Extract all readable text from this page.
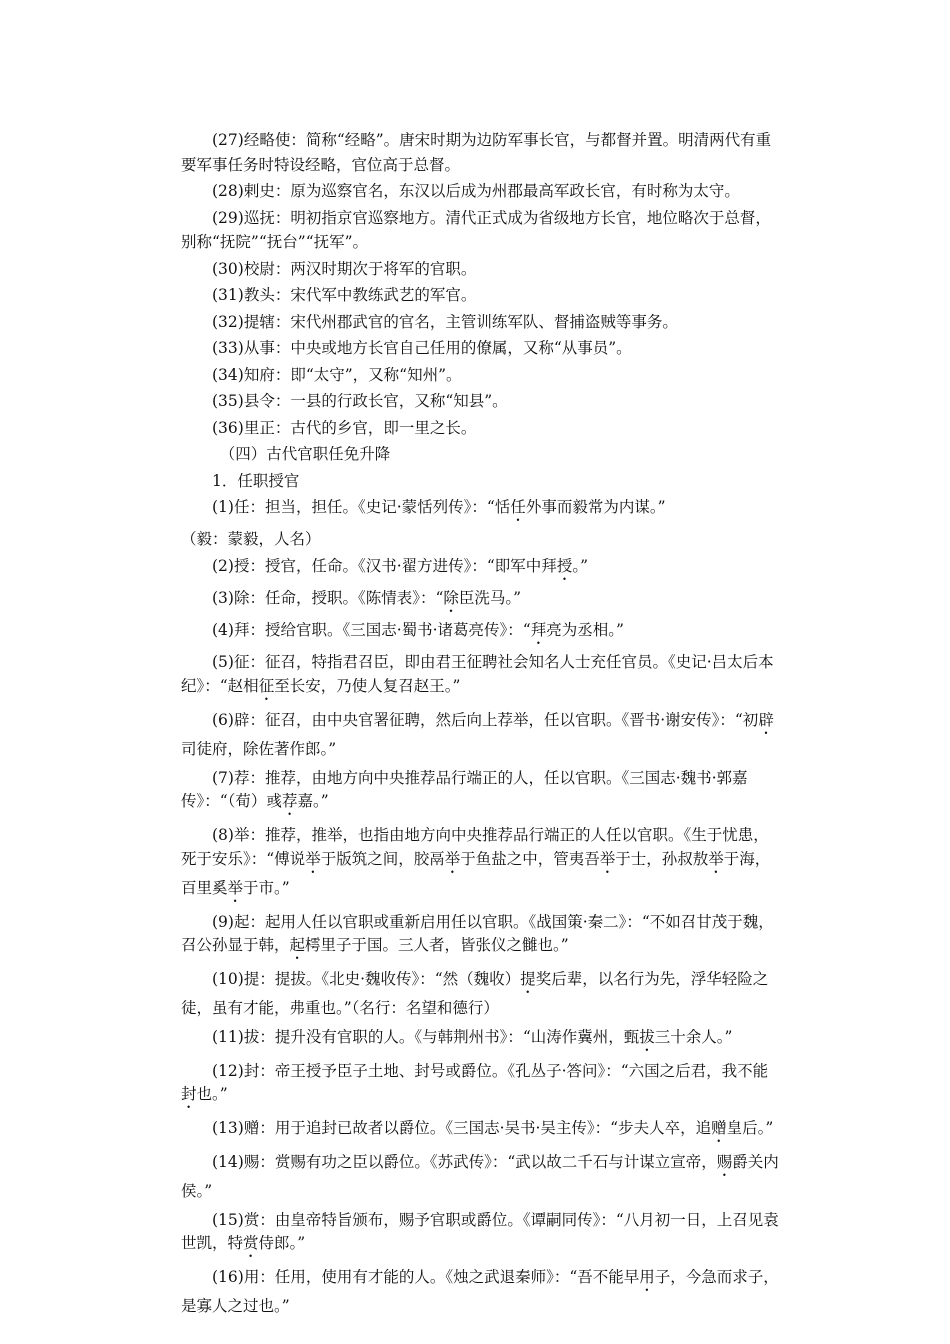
(27)经略使：简称“经略”。唐宋时期为边防军事长官，与都督并置。明清两代有重要军事任务时特设经略，官位高于总督。

(28)剌史：原为巡察官名，东汉以后成为州郡最高军政长官，有时称为太守。

(29)巡抚：明初指京官巡察地方。清代正式成为省级地方长官，地位略次于总督，别称“抚院”“抚台”“抚军”。

(30)校尉：两汉时期次于将军的官职。

(31)教头：宋代军中教练武艺的军官。

(32)提辖：宋代州郡武官的官名，主管训练军队、督捕盗贼等事务。

(33)从事：中央或地方长官自己任用的僚属，又称“从事员”。

(34)知府：即“太守”，又称“知州”。

(35)县令：一县的行政长官，又称“知县”。

(36)里正：古代的乡官，即一里之长。

（四）古代官职任免升降

1．任职授官

(1)任：担当，担任。《史记·蒙恬列传》：“恬任外事而毅常为内谋。”

（毅：蒙毅，人名）

(2)授：授官，任命。《汉书·翟方进传》：“即军中拜授。”

(3)除：任命，授职。《陈情表》：“除臣洗马。”

(4)拜：授给官职。《三国志·蜀书·诸葛亮传》：“拜亮为丞相。”

(5)征：征召，特指君召臣，即由君王征聘社会知名人士充任官员。《史记·吕太后本纪》：“赵相征至长安，乃使人复召赵王。”

(6)辟：征召，由中央官署征聘，然后向上荐举，任以官职。《晋书·谢安传》：“初辟司徒府，除佐著作郎。”

(7)荐：推荐，由地方向中央推荐品行端正的人，任以官职。《三国志·魏书·郭嘉传》：“（荀）彧荐嘉。”

(8)举：推荐，推举，也指由地方向中央推荐品行端正的人任以官职。《生于忧患，死于安乐》：“傅说举于版筑之间，胶鬲举于鱼盐之中，管夷吾举于士，孙叔敖举于海，百里奚举于市。”

(9)起：起用人任以官职或重新启用任以官职。《战国策·秦二》：“不如召甘茂于魏，召公孙显于韩，起樗里子于国。三人者，皆张仪之雠也。”

(10)提：提拔。《北史·魏收传》：“然（魏收）提奖后辈，以名行为先，浮华轻险之徒，虽有才能，弗重也。”（名行：名望和德行）

(11)拔：提升没有官职的人。《与韩荆州书》：“山涛作冀州，甄拔三十余人。”

(12)封：帝王授予臣子土地、封号或爵位。《孔丛子·答问》：“六国之后君，我不能封也。”

(13)赠：用于追封已故者以爵位。《三国志·吴书·吴主传》：“步夫人卒，追赠皇后。”

(14)赐：赏赐有功之臣以爵位。《苏武传》：“武以故二千石与计谋立宣帝，赐爵关内侯。”

(15)赏：由皇帝特旨颁布，赐予官职或爵位。《谭嗣同传》：“八月初一日，上召见袁世凯，特赏侍郎。”

(16)用：任用，使用有才能的人。《烛之武退秦师》：“吾不能早用子，今急而求子，是寡人之过也。”
